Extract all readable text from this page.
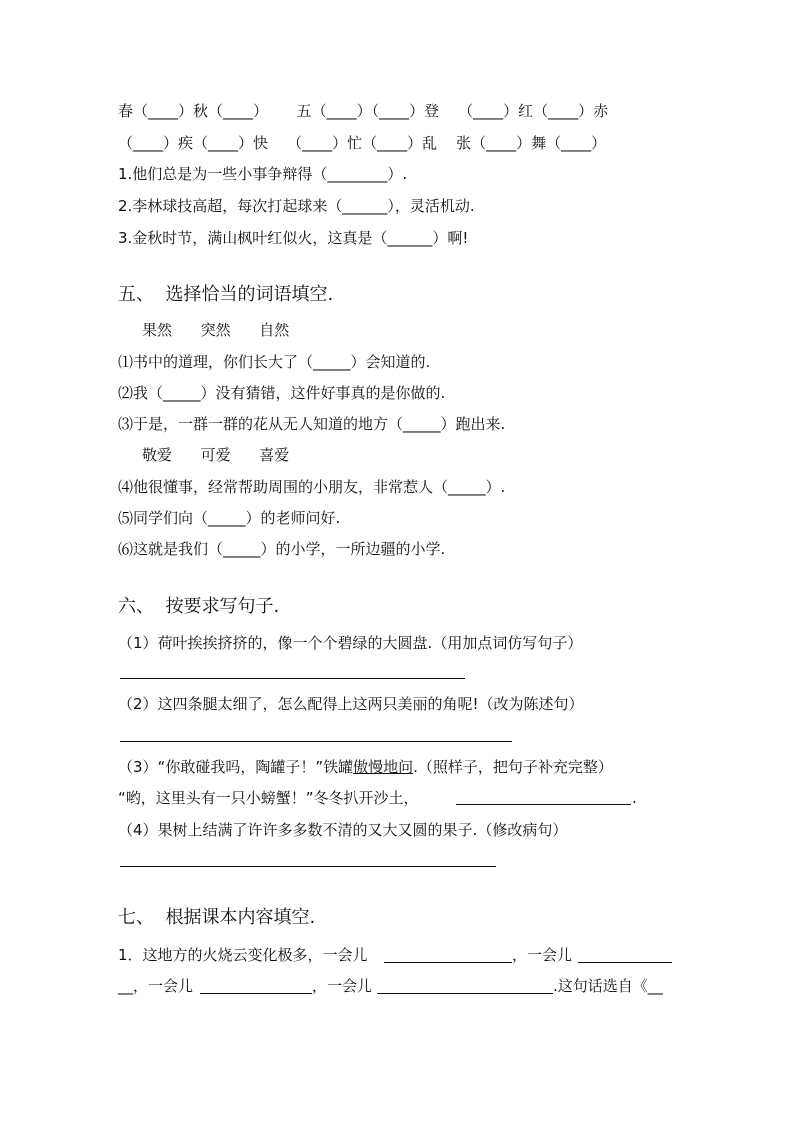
春（____）秋（____）      五（____）（____）登    （____）红（____）赤
（____）疾（____）快    （____）忙（____）乱    张（____）舞（____）
1.他们总是为一些小事争辩得（________）.
2.李林球技高超，每次打起球来（______），灵活机动.
3.金秋时节，满山枫叶红似火，这真是（______）啊!
五、  选择恰当的词语填空.
果然      突然      自然
⑴书中的道理，你们长大了（_____）会知道的.
⑵我（_____）没有猜错，这件好事真的是你做的.
⑶于是，一群一群的花从无人知道的地方（_____）跑出来.
敬爱      可爱      喜爱
⑷他很懂事，经常帮助周围的小朋友，非常惹人（_____）.
⑸同学们向（_____）的老师问好.
⑹这就是我们（_____）的小学，一所边疆的小学.
六、  按要求写句子.
（1）荷叶挨挨挤挤的，像一个个碧绿的大圆盘.（用加点词仿写句子）
（2）这四条腿太细了，怎么配得上这两只美丽的角呢!（改为陈述句）
（3）“你敢碰我吗，陶罐子！”铁罐傲慢地问.（照样子，把句子补充完整）
“哟，这里头有一只小螃蟹！”冬冬扒开沙土，	.
（4）果树上结满了许许多多数不清的又大又圆的果子.（修改病句）
七、  根据课本内容填空.
1．这地方的火烧云变化极多，一会儿	，一会儿
__，一会儿	，一会儿	.这句话选自《__
